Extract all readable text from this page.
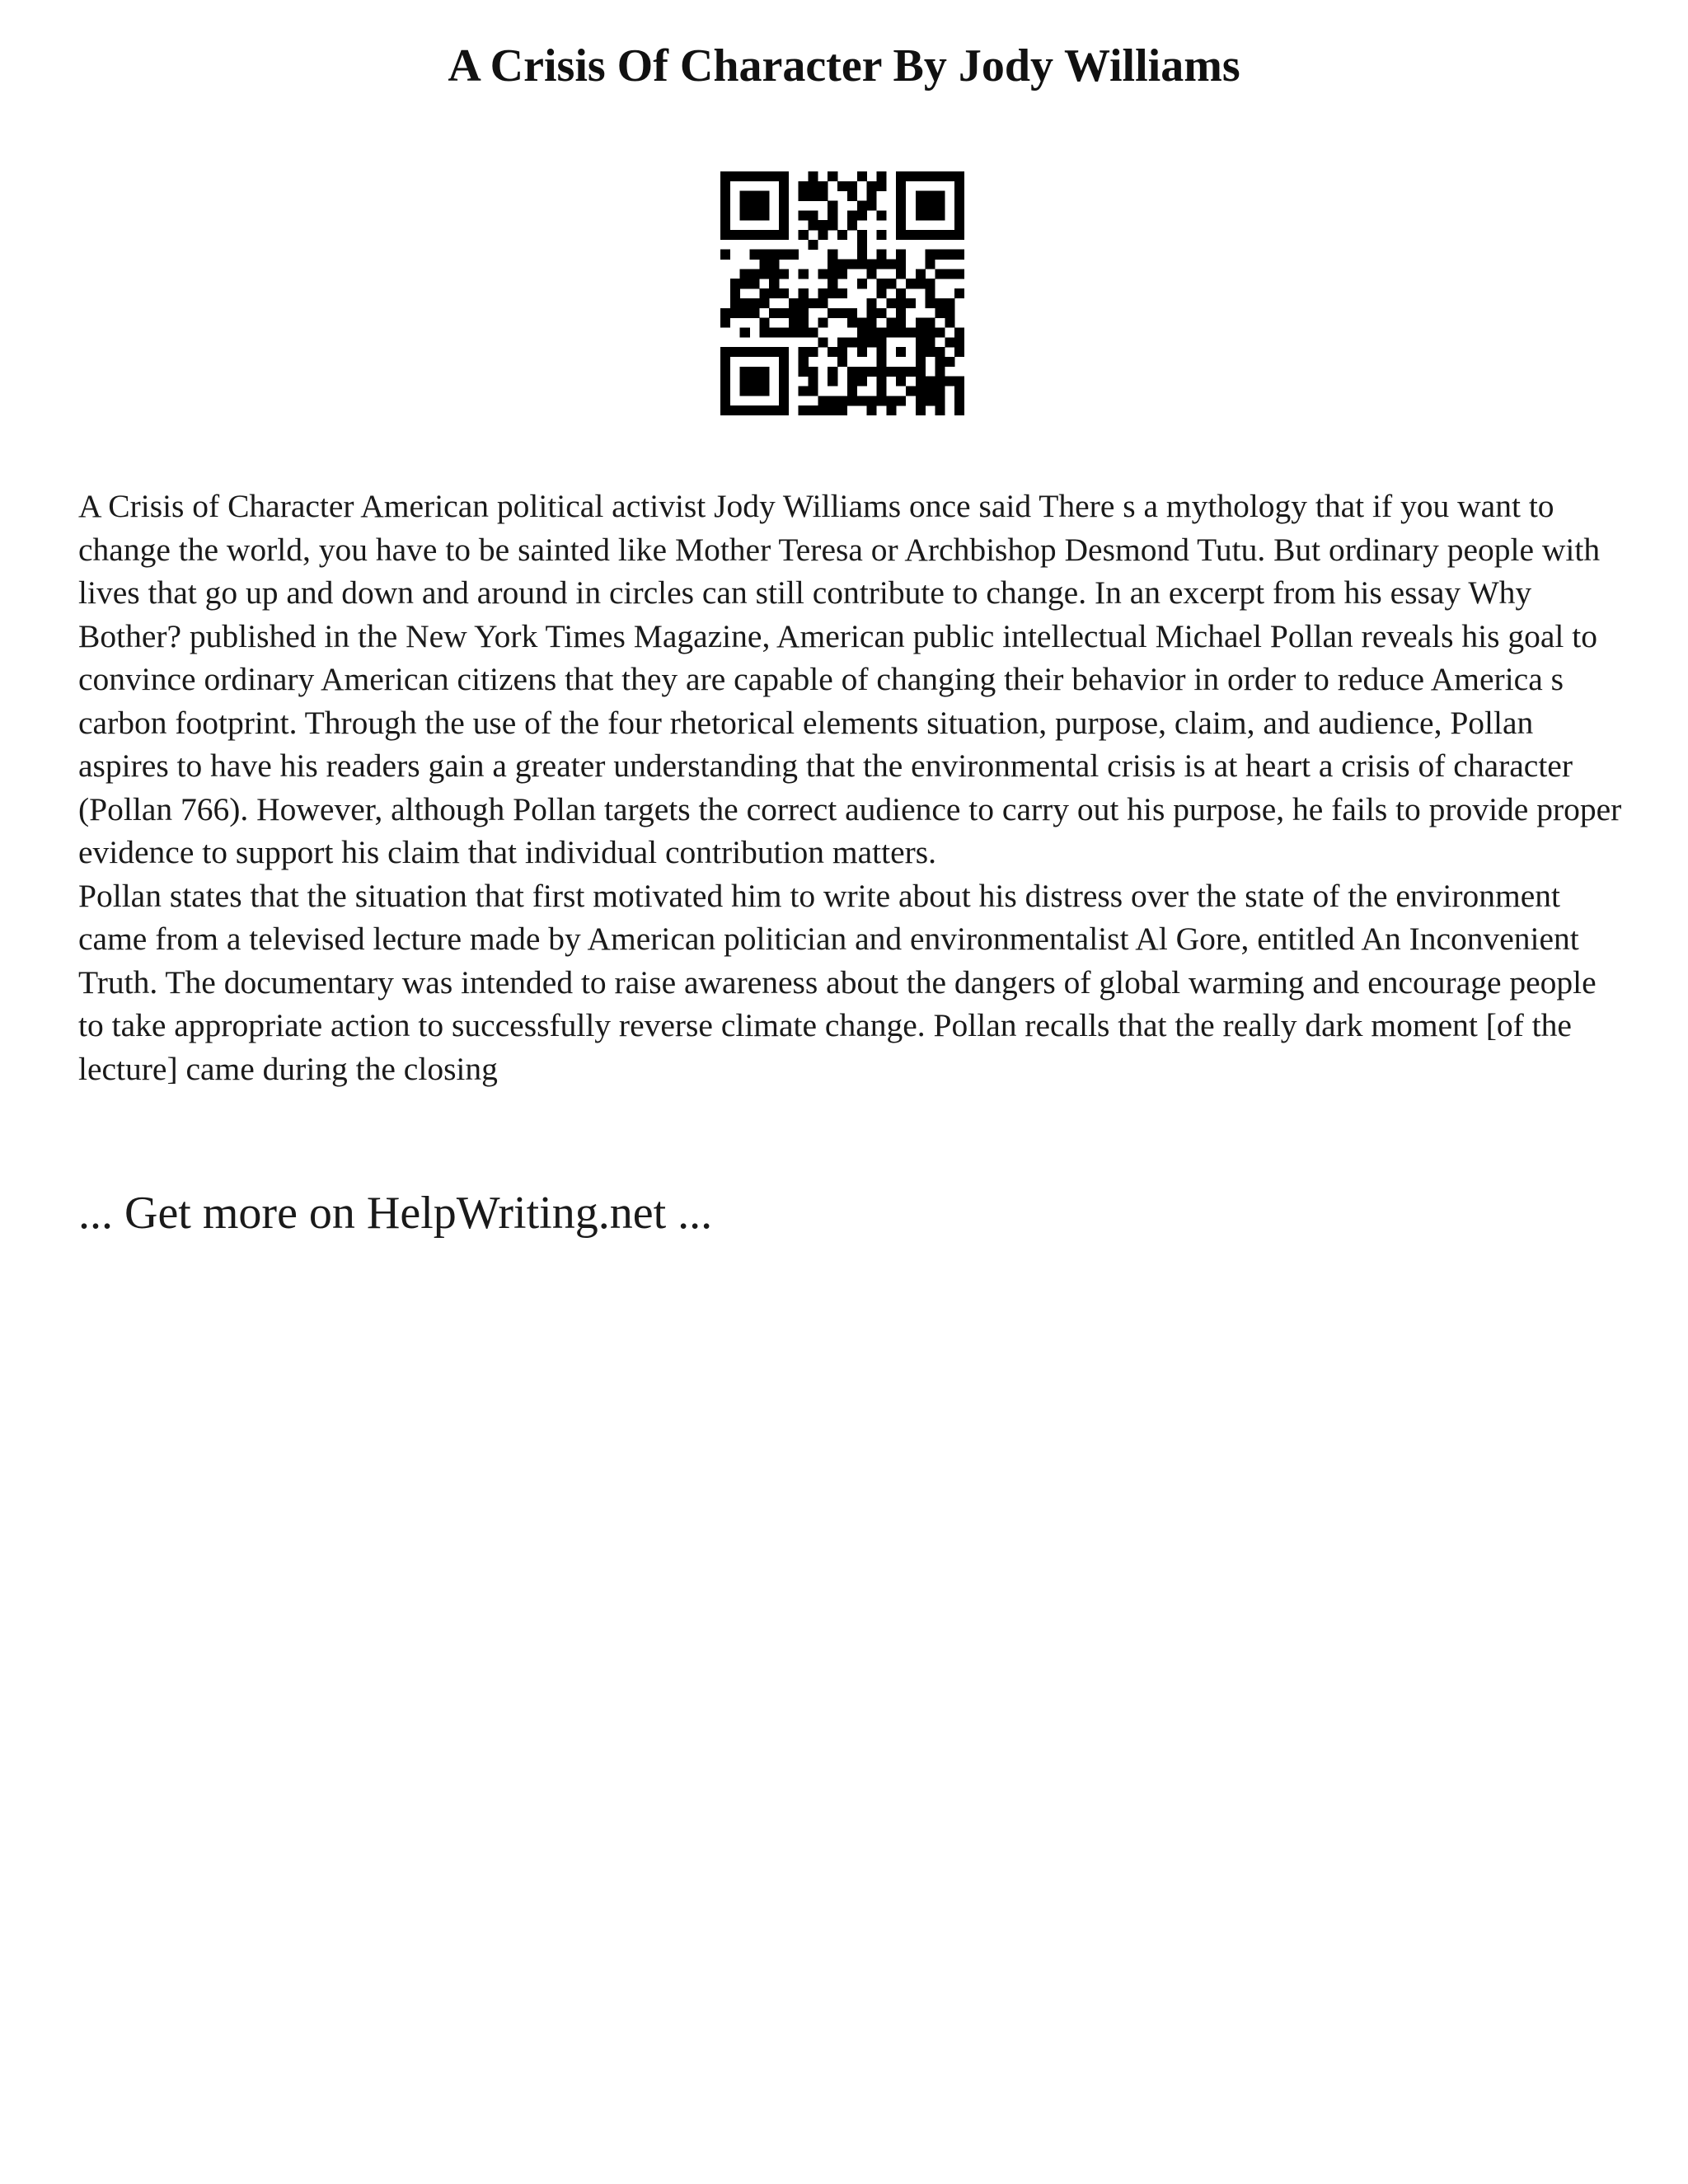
A Crisis Of Character By Jody Williams

A Crisis of Character American political activist Jody Williams once said There s a mythology that if you want to change the world, you have to be sainted like Mother Teresa or Archbishop Desmond Tutu. But ordinary people with lives that go up and down and around in circles can still contribute to change. In an excerpt from his essay Why Bother? published in the New York Times Magazine, American public intellectual Michael Pollan reveals his goal to convince ordinary American citizens that they are capable of changing their behavior in order to reduce America s carbon footprint. Through the use of the four rhetorical elements situation, purpose, claim, and audience, Pollan aspires to have his readers gain a greater understanding that the environmental crisis is at heart a crisis of character (Pollan 766). However, although Pollan targets the correct audience to carry out his purpose, he fails to provide proper evidence to support his claim that individual contribution matters.

Pollan states that the situation that first motivated him to write about his distress over the state of the environment came from a televised lecture made by American politician and environmentalist Al Gore, entitled An Inconvenient Truth. The documentary was intended to raise awareness about the dangers of global warming and encourage people to take appropriate action to successfully reverse climate change. Pollan recalls that the really dark moment [of the lecture] came during the closing

... Get more on HelpWriting.net ...
